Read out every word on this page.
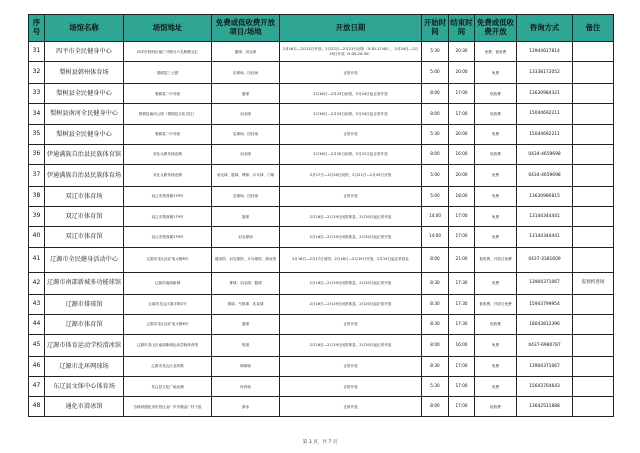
序号	场馆名称	场馆地址	免费或低收费开放项目/场地	开放日期	开始时间	结束时间	免费或低收费开放	咨询方式	备注
31	四平市全民健身中心	四平市铁西区南仁兴街与六孔桥路交汇	篮球、羽毛球	2月18日—2月21日开放，2月22日—2月23日闭馆（5:30-17:00），2月24日—2月29日开放（5:30-20:30）	5:30	20:30	免费、低收费	13944617814	
32	梨树县韩州体育场	梨树县三公园	足球场、田径场	正常开放	5:00	20:00	免费	13338172052	
33	梨树县全民健身中心	梨树县二中对面	篮球	2月16日—2月23日闭馆，2月24日起正常开放	8:00	17:00	低收费	13630984321	
34	梨树县南河全民健身中心	梨树县南河公园（梨树县文化对过）	羽毛球	2月16日—2月23日闭馆，2月24日起正常开放	8:00	17:00	低收费	15044692211	
35	梨树县全民健身中心	梨树县二中对面	足球场、田径场	正常开放	5:30	20:00	免费	15044692211	
36	伊通满族自治县民族体育馆	宋仕大路东段北侧	羽毛球	2月16日—2月20日闭馆，2月21日起正常开放	8:00	16:00	低收费	0434-4659698	
37	伊通满族自治县民族体育场	宋仕大路东段北侧	羽毛球、篮球、网球、乒乓球、门球	2月17日—2月20日闭馆，2月21日—2月29日开放	5:00	20:00	免费	0434-4659698	
38	双辽市体育场	双辽市郑西街179号	足球场、田径场	正常开放	5:00	18:00	免费	13630980815	
39	双辽市体育馆	双辽市郑西街179号	篮球	2月16日—2月19日闭馆休息，2月20日起正常开放	14:00	17:00	免费	13144344441	
40	双辽市体育馆	双辽市郑西街179号	羽毛球场	2月16日—2月19日闭馆休息，2月20日起正常开放	14:00	17:00	免费	13144344441	
41	辽源市全民健身活动中心	辽源市龙山区矿电大街6号	健身馆、羽毛球馆、乒乓球馆、游泳馆	2月16日—2月17日闭馆，2月18日—2月19日开放，2月19日起正常营业	8:00	21:00	低收费、开放日免费	0437-3381609	
42	辽源市南部新城多功能球馆	辽源市南部新城	排球、羽毛球、篮球	2月16日—2月19日闭馆休息，2月20日起正常开放	8:30	17:30	免费	13904371067	需预约进场
43	辽源市排球馆	辽源市龙山区鸿宇街1号	排球、气排球、匹克球	2月16日—2月19日闭馆休息，2月20日起正常开放	8:30	17:30	低收费、开放日免费	15943799954	
44	辽源市体育馆	辽源市龙山区矿电大街6号	篮球	正常开放	8:30	17:30	低收费	18043812396	
45	辽源市体育运动学校滑冰馆	辽源市龙山区南部新城运动学校体育馆	短道	2月16日—2月19日闭馆休息，2月20日起正常开放	8:00	16:00	免费	0437-6980787	
46	辽源市北环网球场	辽源市龙山区北环路	网球场	正常开放	8:30	17:00	免费	13904371067	
47	东辽县文体中心体育场	东辽县文化广场北侧	体育场	正常开放	5:30	17:00	免费	15643764643	
48	通化市滑冰馆	吉林省通化市东昌区金厂乡乡镇金厂村十组	滑冰	正常开放	8:00	17:00	低收费	13642511888	
第 3 页，共 7 页
